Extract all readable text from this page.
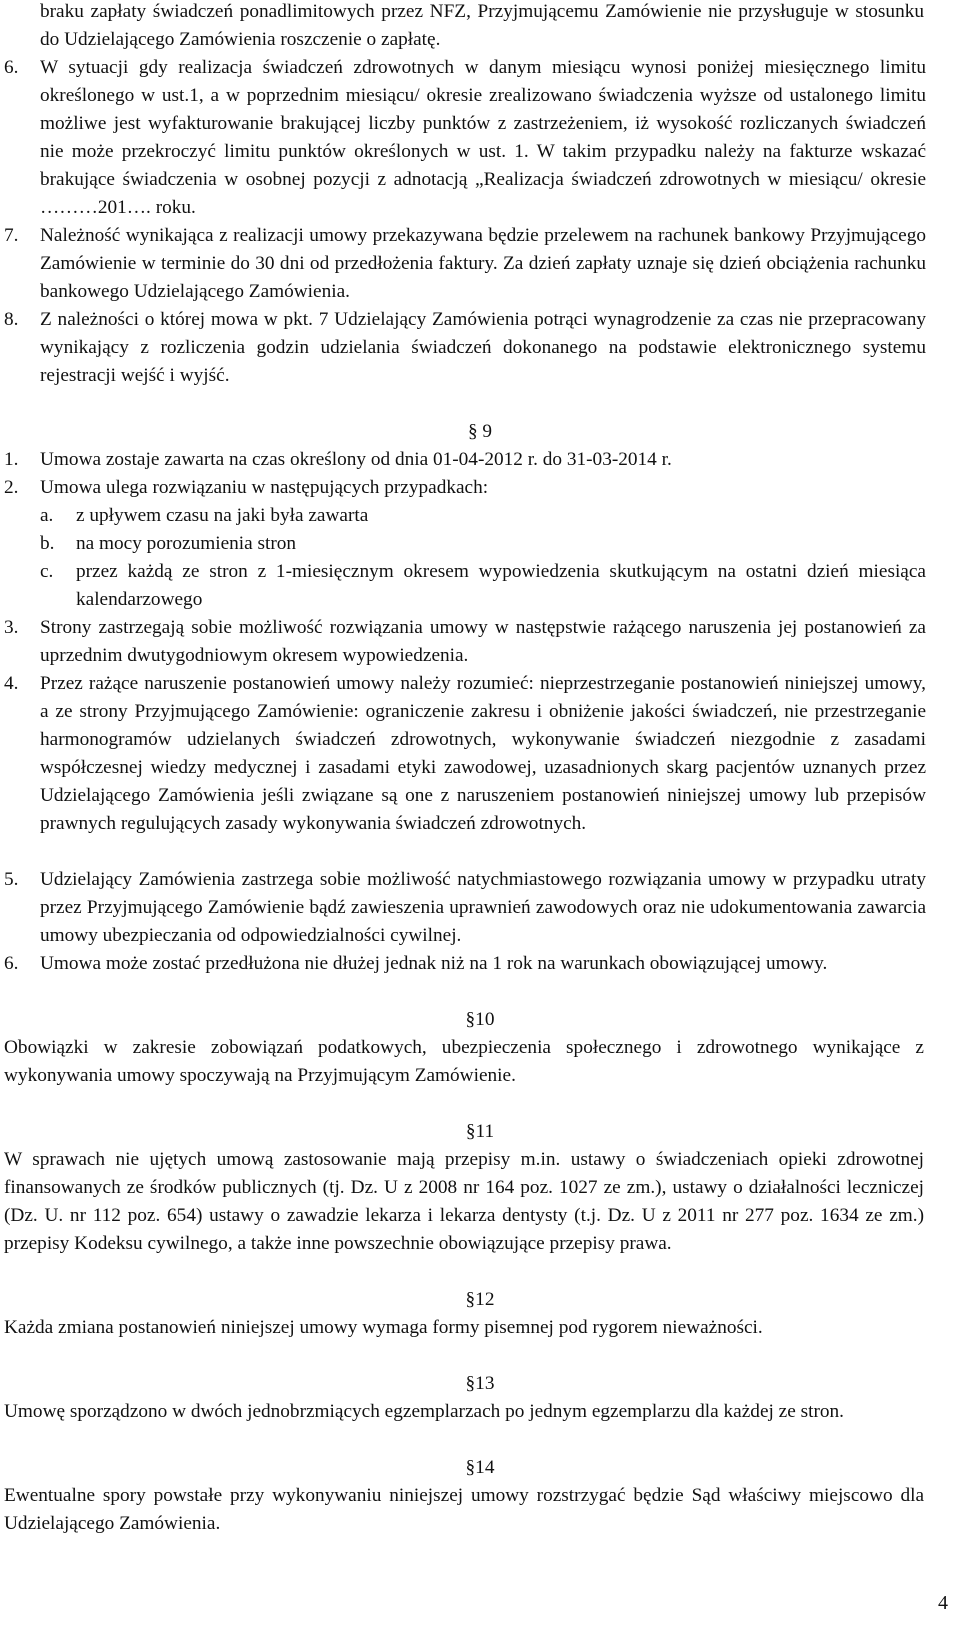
braku zapłaty świadczeń ponadlimitowych przez NFZ, Przyjmującemu Zamówienie nie przysługuje w stosunku do Udzielającego Zamówienia roszczenie o zapłatę.
6. W sytuacji gdy realizacja świadczeń zdrowotnych w danym miesiącu wynosi poniżej miesięcznego limitu określonego w ust.1, a w poprzednim miesiącu/ okresie zrealizowano świadczenia wyższe od ustalonego limitu możliwe jest wyfakturowanie brakującej liczby punktów z zastrzeżeniem, iż wysokość rozliczanych świadczeń nie może przekroczyć limitu punktów określonych w ust. 1. W takim przypadku należy na fakturze wskazać brakujące świadczenia w osobnej pozycji z adnotacją „Realizacja świadczeń zdrowotnych w miesiącu/ okresie ………201…. roku.
7. Należność wynikająca z realizacji umowy przekazywana będzie przelewem na rachunek bankowy Przyjmującego Zamówienie w terminie do 30 dni od przedłożenia faktury. Za dzień zapłaty uznaje się dzień obciążenia rachunku bankowego Udzielającego Zamówienia.
8. Z należności o której mowa w pkt. 7 Udzielający Zamówienia potrąci wynagrodzenie za czas nie przepracowany wynikający z rozliczenia godzin udzielania świadczeń dokonanego na podstawie elektronicznego systemu rejestracji wejść i wyjść.
§ 9
1. Umowa zostaje zawarta na czas określony od dnia 01-04-2012 r. do 31-03-2014 r.
2. Umowa ulega rozwiązaniu w następujących przypadkach:
a. z upływem czasu na jaki była zawarta
b. na mocy porozumienia stron
c. przez każdą ze stron z 1-miesięcznym okresem wypowiedzenia skutkującym na ostatni dzień miesiąca kalendarzowego
3. Strony zastrzegają sobie możliwość rozwiązania umowy w następstwie rażącego naruszenia jej postanowień za uprzednim dwutygodniowym okresem wypowiedzenia.
4. Przez rażące naruszenie postanowień umowy należy rozumieć: nieprzestrzeganie postanowień niniejszej umowy, a ze strony Przyjmującego Zamówienie: ograniczenie zakresu i obniżenie jakości świadczeń, nie przestrzeganie harmonogramów udzielanych świadczeń zdrowotnych, wykonywanie świadczeń niezgodnie z zasadami współczesnej wiedzy medycznej i zasadami etyki zawodowej, uzasadnionych skarg pacjentów uznanych przez Udzielającego Zamówienia jeśli związane są one z naruszeniem postanowień niniejszej umowy lub przepisów prawnych regulujących zasady wykonywania świadczeń zdrowotnych.
5. Udzielający Zamówienia zastrzega sobie możliwość natychmiastowego rozwiązania umowy w przypadku utraty przez Przyjmującego Zamówienie bądź zawieszenia uprawnień zawodowych oraz nie udokumentowania zawarcia umowy ubezpieczania od odpowiedzialności cywilnej.
6. Umowa może zostać przedłużona nie dłużej jednak niż na 1 rok na warunkach obowiązującej umowy.
§10
Obowiązki w zakresie zobowiązań podatkowych, ubezpieczenia społecznego i zdrowotnego wynikające z wykonywania umowy spoczywają na Przyjmującym Zamówienie.
§11
W sprawach nie ujętych umową zastosowanie mają przepisy m.in. ustawy o świadczeniach opieki zdrowotnej finansowanych ze środków publicznych (tj. Dz. U z 2008 nr 164 poz. 1027 ze zm.), ustawy o działalności leczniczej (Dz. U. nr 112 poz. 654) ustawy o zawadzie lekarza i lekarza dentysty (t.j. Dz. U z 2011 nr 277 poz. 1634 ze zm.) przepisy Kodeksu cywilnego, a także inne powszechnie obowiązujące przepisy prawa.
§12
Każda zmiana postanowień niniejszej umowy wymaga formy pisemnej pod rygorem nieważności.
§13
Umowę sporządzono w dwóch jednobrzmiących egzemplarzach po jednym egzemplarzu dla każdej ze stron.
§14
Ewentualne spory powstałe przy wykonywaniu niniejszej umowy rozstrzygać będzie Sąd właściwy miejscowo dla Udzielającego Zamówienia.
4
